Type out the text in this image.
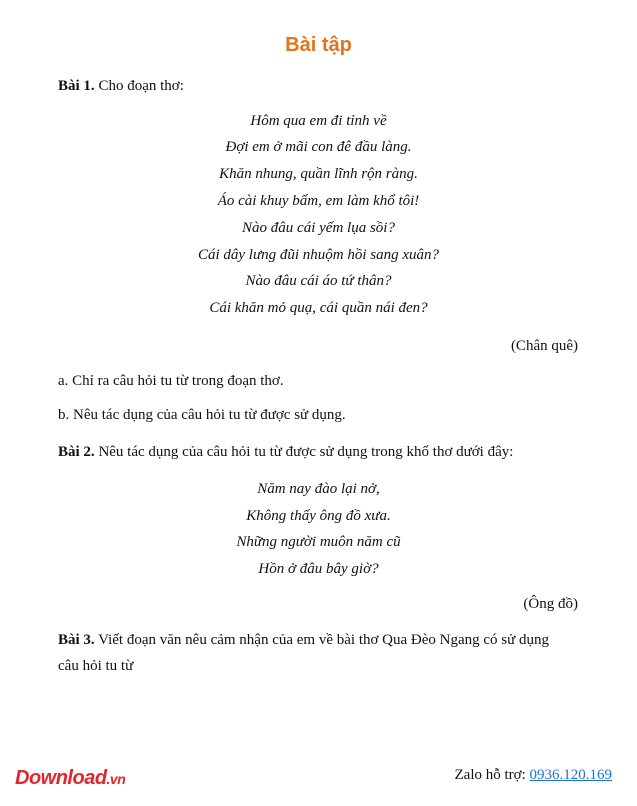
Bài tập
Bài 1. Cho đoạn thơ:
Hôm qua em đi tỉnh về
Đợi em ở mãi con đê đầu làng.
Khăn nhung, quần lĩnh rộn ràng.
Áo cài khuy bấm, em làm khổ tôi!
Nào đâu cái yếm lụa sồi?
Cái dây lưng đũi nhuộm hồi sang xuân?
Nào đâu cái áo tứ thân?
Cái khăn mỏ quạ, cái quần nái đen?
(Chân quê)
a. Chỉ ra câu hỏi tu từ trong đoạn thơ.
b. Nêu tác dụng của câu hỏi tu từ được sử dụng.
Bài 2. Nêu tác dụng của câu hỏi tu từ được sử dụng trong khổ thơ dưới đây:
Năm nay đào lại nở,
Không thấy ông đồ xưa.
Những người muôn năm cũ
Hồn ở đâu bây giờ?
(Ông đồ)
Bài 3. Viết đoạn văn nêu cảm nhận của em về bài thơ Qua Đèo Ngang có sử dụng
câu hỏi tu từ
Download.vn	Zalo hỗ trợ: 0936.120.169
